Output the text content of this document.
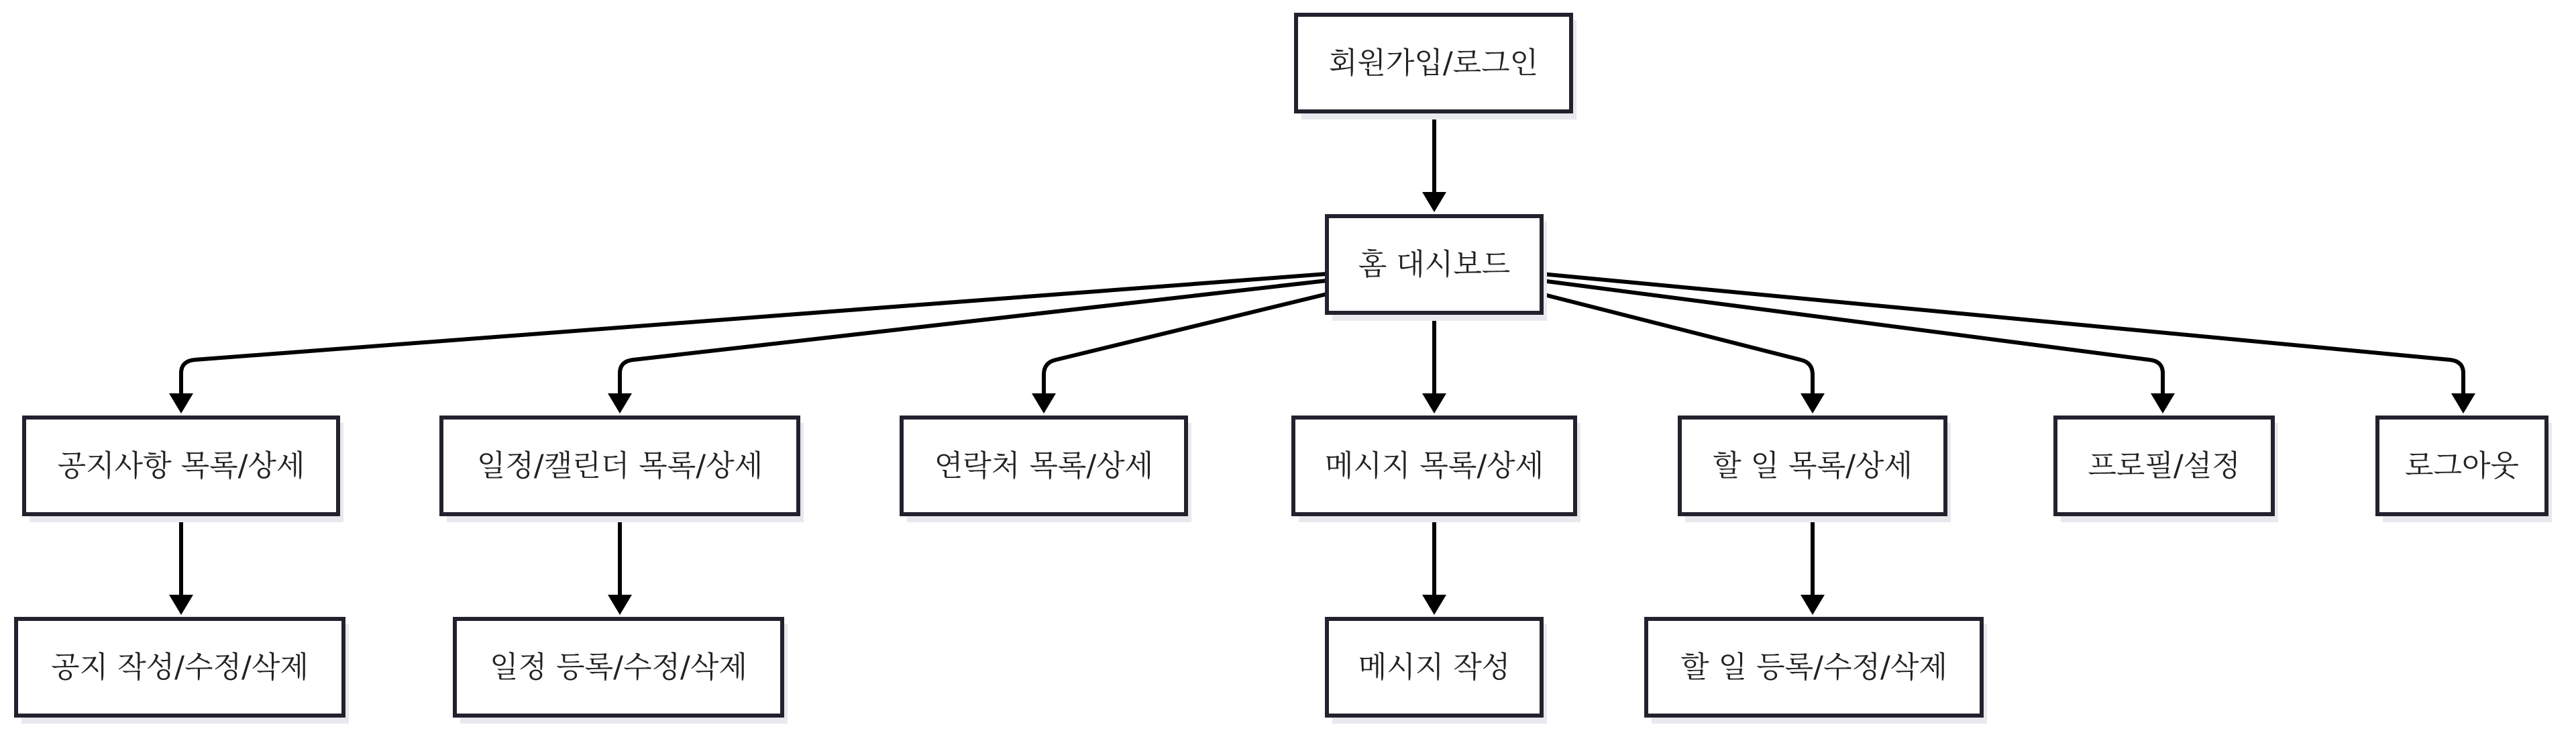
회원가입/로그인
홈 대시보드
공지사항 목록/상세	일정/캘린더 목록/상세	연락처 목록/상세	메시지 목록/상세	할 일 목록/상세	프로필/설정	로그아웃
공지 작성/수정/삭제	일정 등록/수정/삭제	메시지 작성	할 일 등록/수정/삭제
